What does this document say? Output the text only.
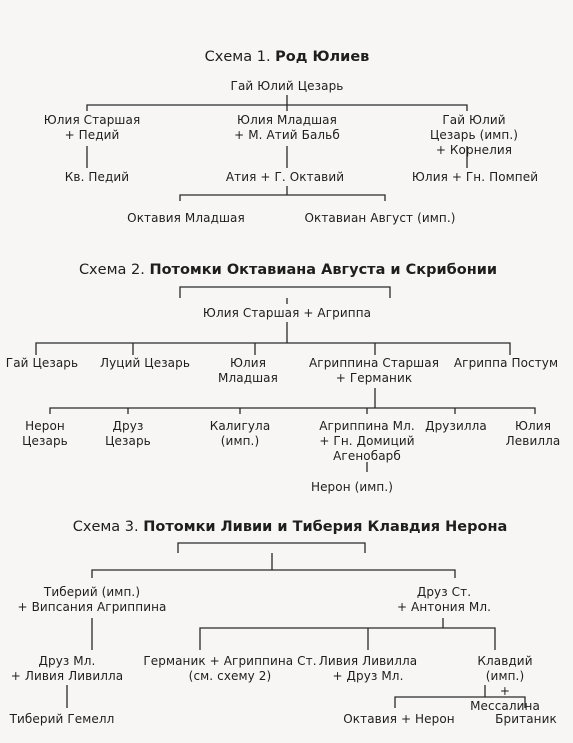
Схема 1. Род Юлиев
Гай Юлий Цезарь
Юлия Старшая
+ Педий
Юлия Младшая
+ М. Атий Бальб
Гай Юлий Цезарь (имп.)
+ Корнелия
Кв. Педий	Атия + Г. Октавий	Юлия + Гн. Помпей
Октавия Младшая	Октавиан Август (имп.)
Схема 2. Потомки Октавиана Августа и Скрибонии
Юлия Старшая + Агриппа
Гай Цезарь Луций Цезарь	Юлия
Младшая
Агриппина Старшая
+ Германик
Агриппа Постум
Нерон
Цезарь
Друз
Цезарь
Калигула
(имп.)
Агриппина Мл.
+ Гн. Домиций
Агенобарб
Друзилла	Юлия
Левилла
Нерон (имп.)
Схема 3. Потомки Ливии и Тиберия Клавдия Нерона
Тиберий (имп.)
+ Випсания Агриппина
Друз Ст.
+ Антония Мл.
Друз Мл.
+ Ливия Ливилла
Германик + Агриппина Ст.
(см. схему 2)
Ливия Ливилла
+ Друз Мл.
Клавдий (имп.)
+ Мессалина
Тиберий Гемелл	Октавия + Нерон	Британик
